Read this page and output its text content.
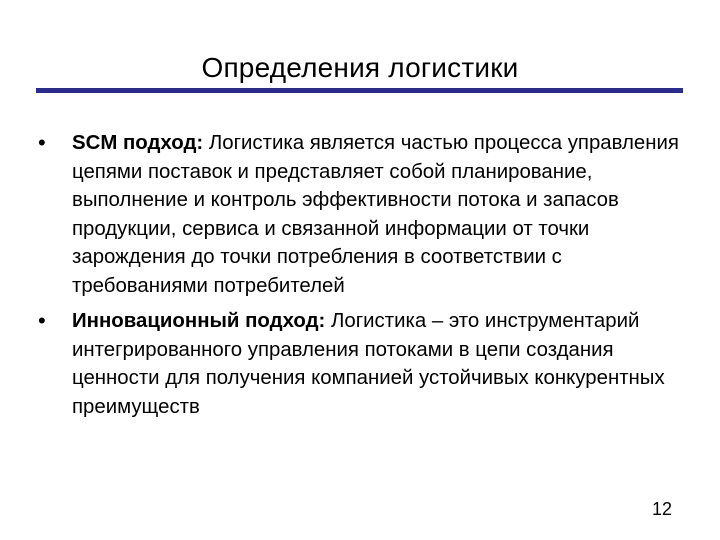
Определения логистики
• SCM подход: Логистика является частью процесса управления цепями поставок и представляет собой планирование, выполнение и контроль эффективности потока и запасов продукции, сервиса и связанной информации от точки зарождения до точки потребления в соответствии с требованиями потребителей
• Инновационный подход: Логистика – это инструментарий интегрированного управления потоками в цепи создания ценности для получения компанией устойчивых конкурентных преимуществ
12
